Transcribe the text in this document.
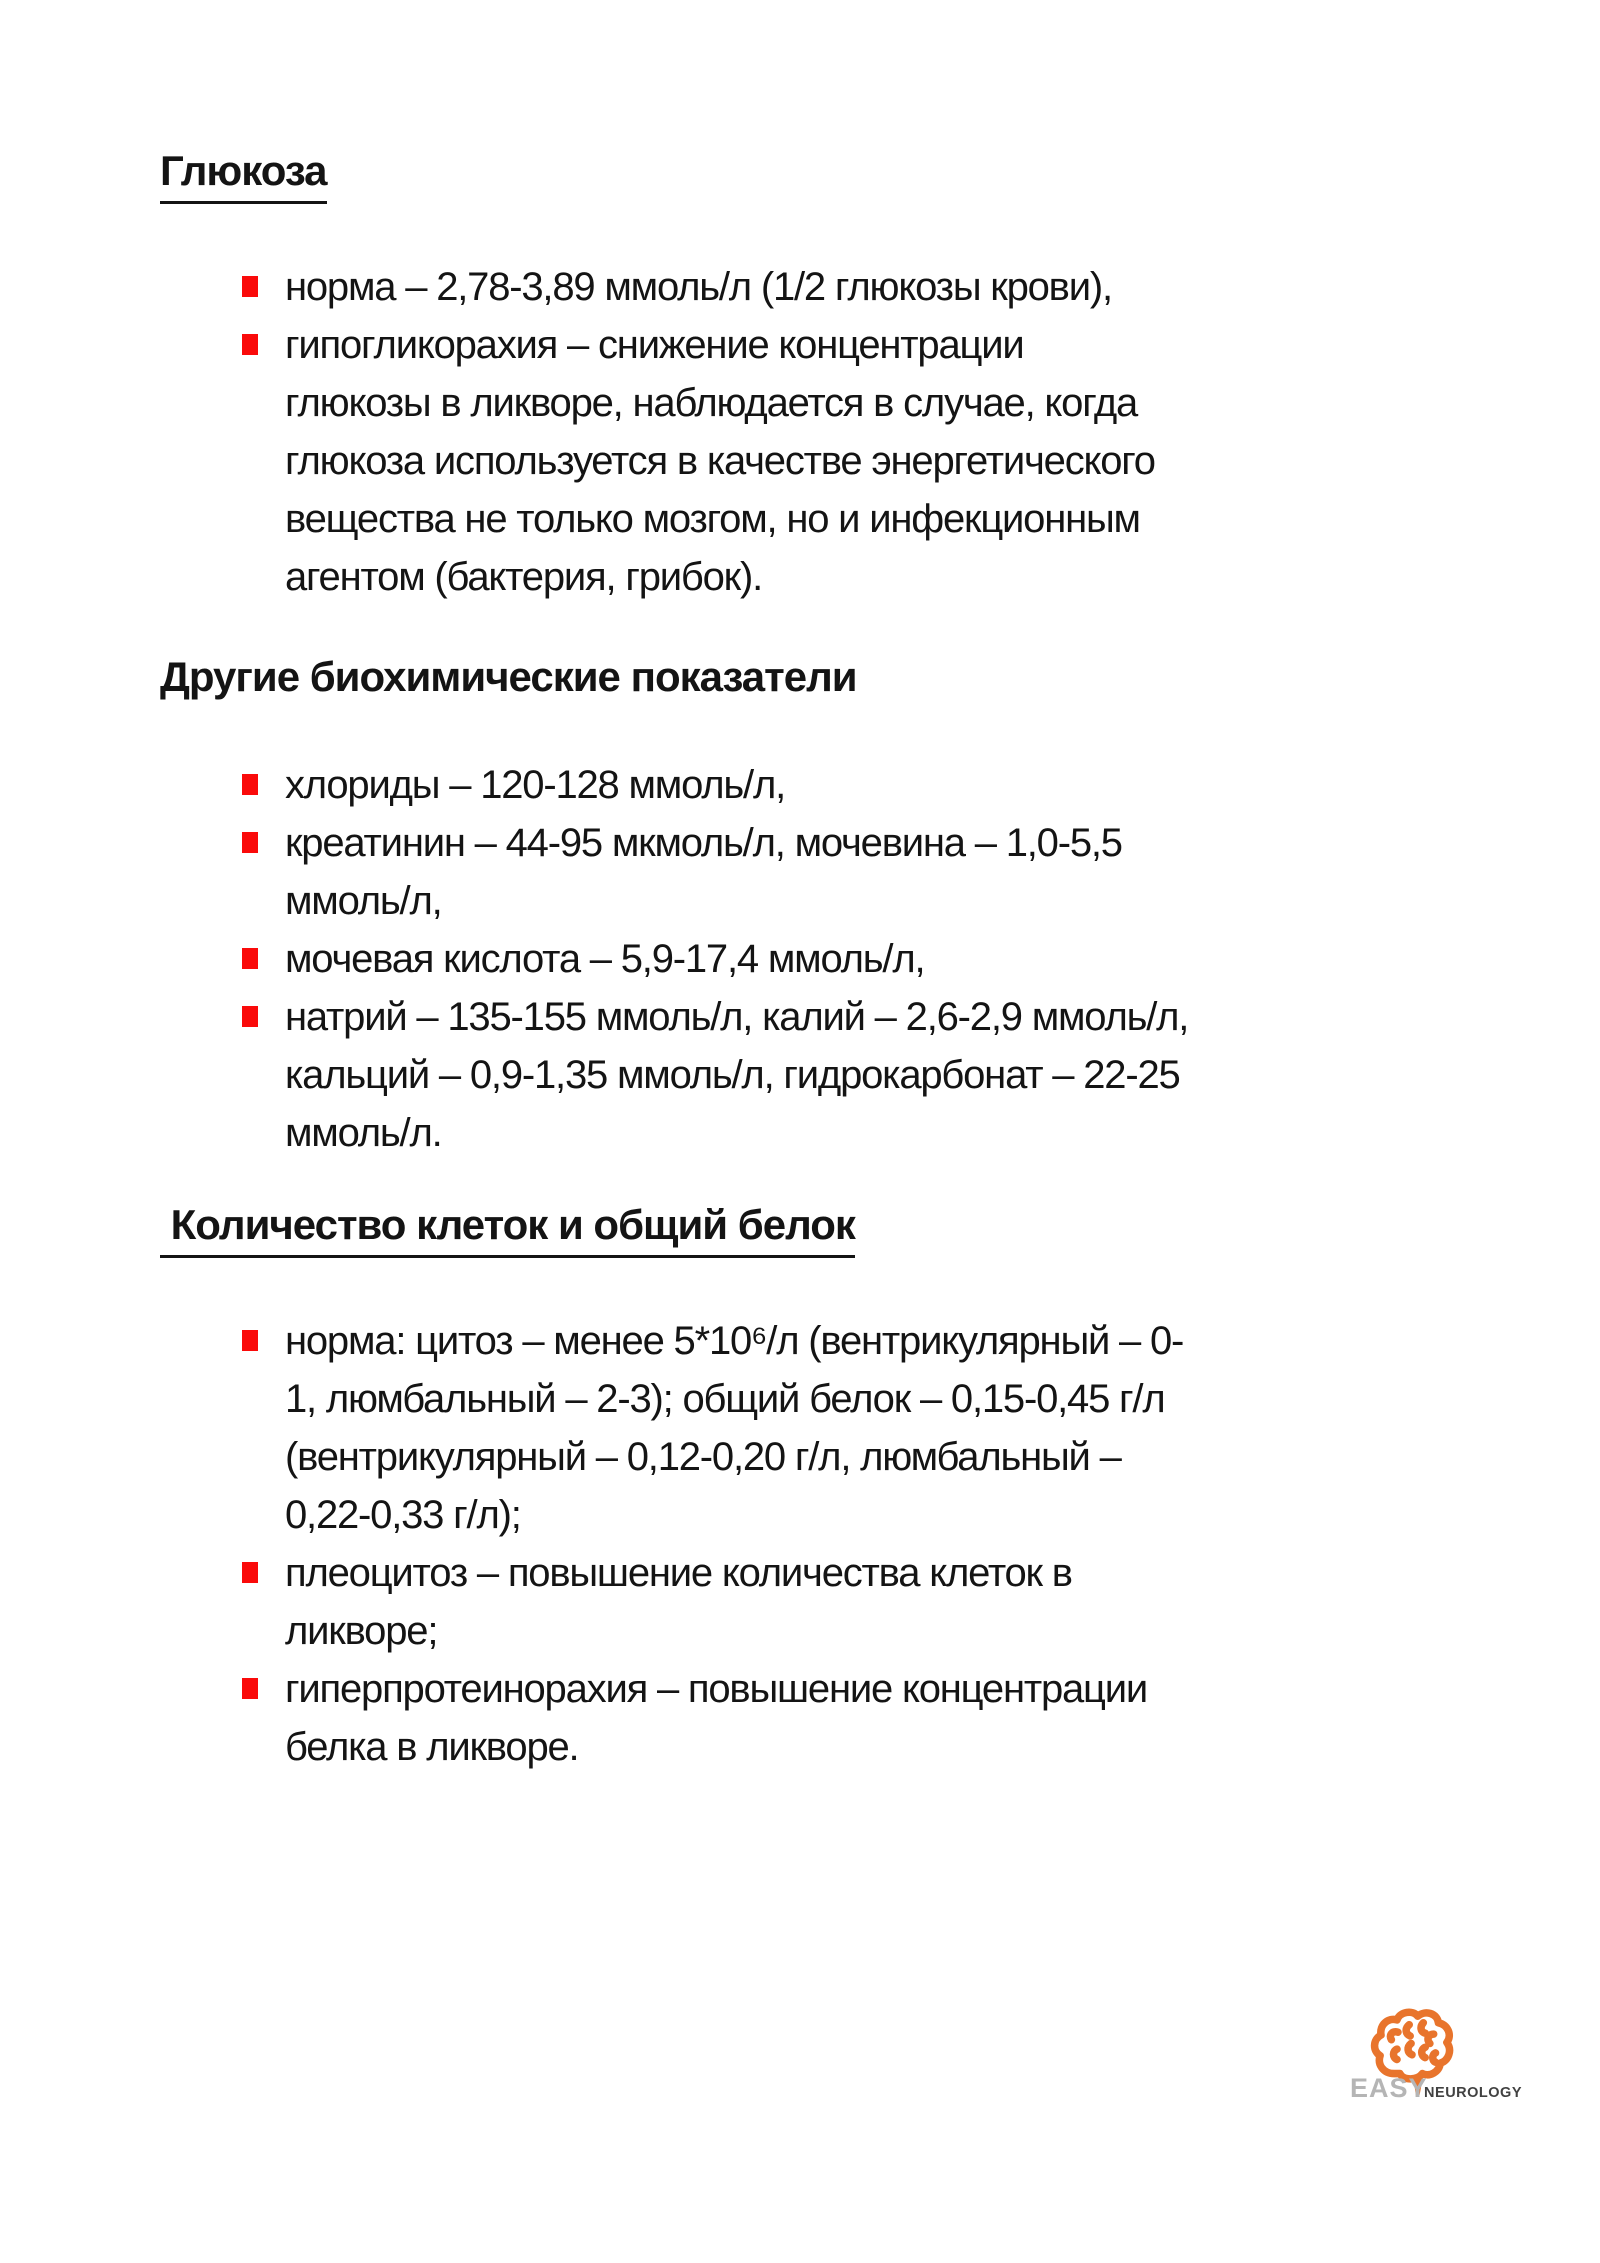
Глюкоза
норма – 2,78-3,89 ммоль/л (1/2 глюкозы крови),
гипогликорахия – снижение концентрации
глюкозы в ликворе, наблюдается в случае, когда
глюкоза используется в качестве энергетического
вещества не только мозгом, но и инфекционным
агентом (бактерия, грибок).
Другие биохимические показатели
хлориды – 120-128 ммоль/л,
креатинин – 44-95 мкмоль/л, мочевина – 1,0-5,5
ммоль/л,
мочевая кислота – 5,9-17,4 ммоль/л,
натрий – 135-155 ммоль/л, калий – 2,6-2,9 ммоль/л,
кальций – 0,9-1,35 ммоль/л, гидрокарбонат – 22-25
ммоль/л.
Количество клеток и общий белок
норма: цитоз – менее 5*10⁶/л (вентрикулярный – 0-
1, люмбальный – 2-3); общий белок – 0,15-0,45 г/л
(вентрикулярный – 0,12-0,20 г/л, люмбальный –
0,22-0,33 г/л);
плеоцитоз – повышение количества клеток в
ликворе;
гиперпротеинорахия – повышение концентрации
белка в ликворе.
EASY
NEUROLOGY
